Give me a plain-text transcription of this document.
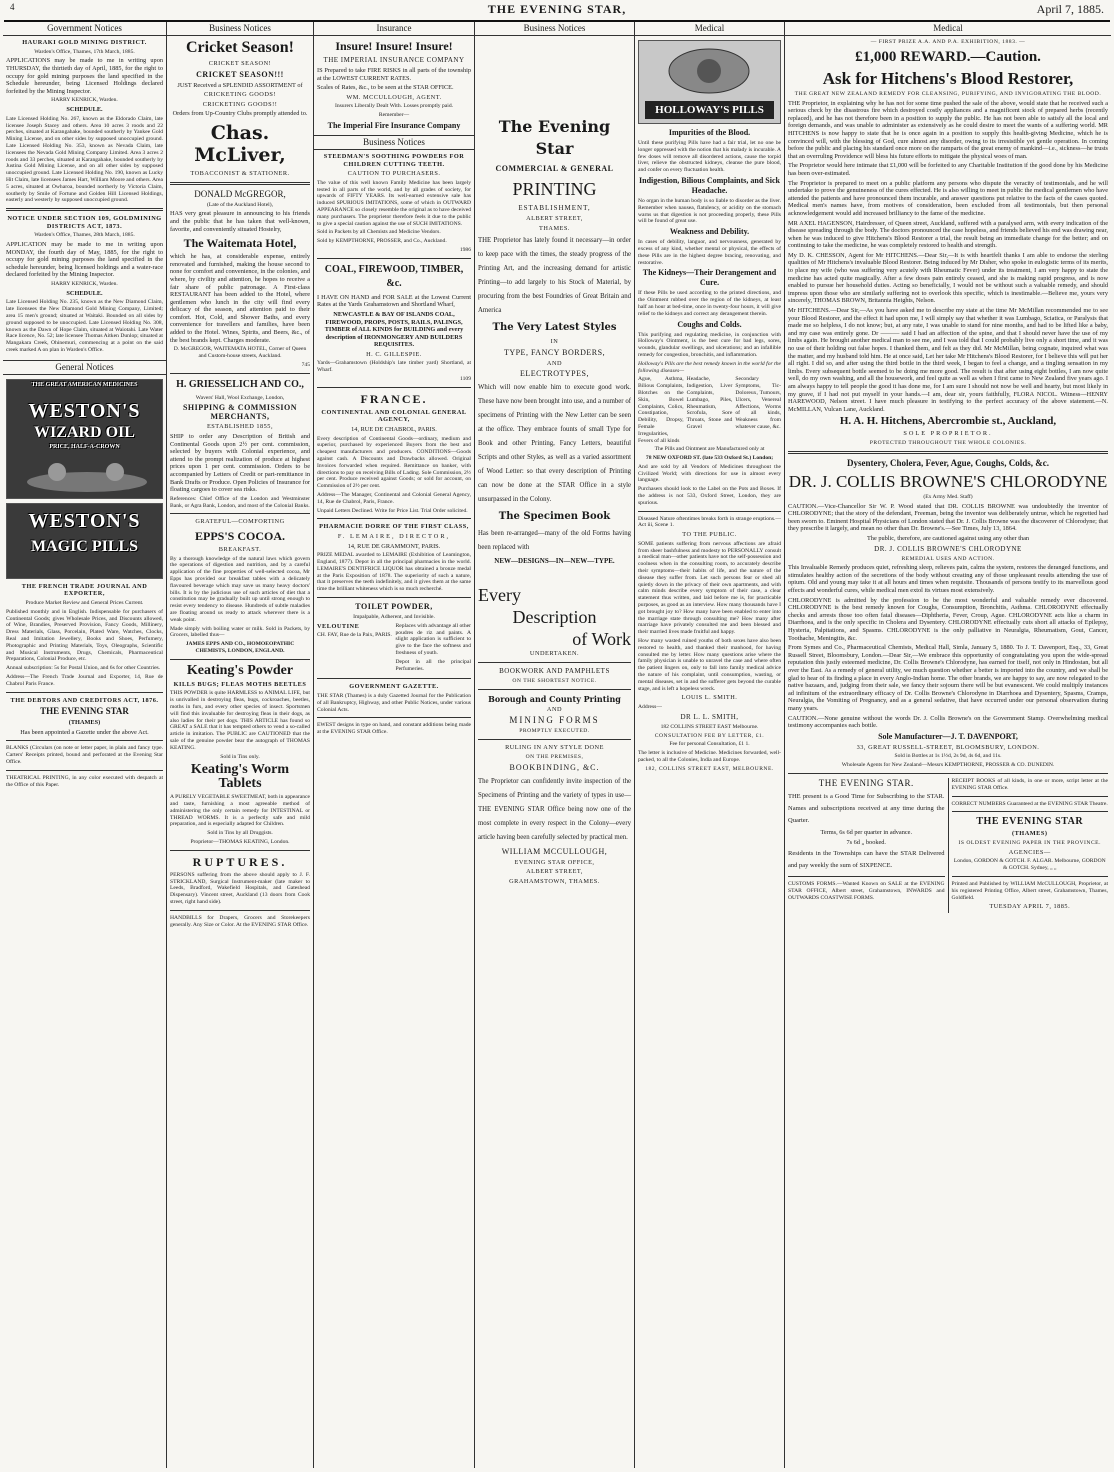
4	THE EVENING STAR,	April 7, 1885.
Government Notices

HAURAKI GOLD MINING DISTRICT.

Warden's Office, Thames, 17th March, 1885.

APPLICATIONS may be made to me in writing upon THURSDAY, the thirtieth day of April, 1885, for the right to occupy for gold mining purposes the land specified in the Schedule hereunder, being Licensed Holdings declared forfeited by the Mining Inspector.

HARRY KENRICK, Warden.

SCHEDULE.

Late Licensed Holding No. 267, known as the Eldorado Claim, late licensee Joseph Stacey and others. Area 10 acres 3 roods and 22 perches, situated at Karangahake, bounded southerly by Yankee Gold Mining License, and on other sides by supposed unoccupied ground. Late Licensed Holding No. 353, known as Nevada Claim, late licensees the Nevada Gold Mining Company Limited. Area 3 acres 2 roods and 33 perches, situated at Karangahake, bounded southerly by Justina Gold Mining License, and on all other sides by supposed unoccupied ground. Late Licensed Holding No. 190, known as Lucky Hit Claim, late licensees James Hart, William Moore and others. Area 5 acres, situated at Owharoa, bounded northerly by Victoria Claim, southerly by Smile of Fortune and Golden Hill Licensed Holdings, easterly and westerly by supposed unoccupied ground.

NOTICE UNDER SECTION 109, GOLDMINING DISTRICTS ACT, 1873.

Warden's Office, Thames, 28th March, 1885.

APPLICATION may be made to me in writing upon MONDAY, the fourth day of May, 1885, for the right to occupy for gold mining purposes the land specified in the schedule hereunder, being licensed holdings and a water-race declared forfeited by the Mining Inspector.

HARRY KENRICK, Warden.

SCHEDULE.

Late Licensed Holding No. 235, known as the New Diamond Claim, late licensees the New Diamond Gold Mining Company, Limited; area 15 men's ground; situated at Waitaki. Bounded on all sides by ground supposed to be unoccupied. Late Licensed Holding No. 308, known as the Dawn of Hope Claim, situated at Waiotahi. Late Water Race licence, No. 52; late licensee Thomas Aitken Dunlop; situated at Mangakara Creek, Ohinemuri, commencing at a point on the said creek marked A on plan in Warden's Office.

General Notices
THE GREAT AMERICAN MEDICINES
WESTON'S
WIZARD OIL
PRICE, HALF-A-CROWN
WESTON'S
MAGIC PILLS

THE FRENCH TRADE JOURNAL AND EXPORTER,

Produce Market Review and General Prices Current.

Published monthly and in English. Indispensable for purchasers of Continental Goods; gives Wholesale Prices, and Discounts allowed, of Wine, Brandies, Preserved Provision, Fancy Goods, Millinery, Dress Materials, Glass, Porcelain, Plated Ware, Watches, Clocks, Real and Imitation Jewellery, Books and Shoes, Perfumery, Photographic and Printing Materials, Toys, Oleographs, Scientific and Musical Instruments, Drugs, Chemicals, Pharmaceutical Preparations, Colonial Produce, etc.

Annual subscription: 5s for Postal Union, and 6s for other Countries.

Address—The French Trade Journal and Exporter, 14, Rue de Chabrol Paris France.

THE DEBTORS AND CREDITORS ACT, 1876.

THE EVENING STAR

(THAMES)

Has been appointed a Gazette under the above Act.

BLANKS (Circulars (on note or letter paper, in plain and fancy type. Carters' Receipts printed, bound and perforated at the Evening Star Office.

THEATRICAL PRINTING, in any color executed with despatch at the Office of this Paper.

Business Notices
Cricket Season!

CRICKET SEASON!

CRICKET SEASON!!!

JUST Received a SPLENDID ASSORTMENT of

CRICKETING GOODS!

CRICKETING GOODS!!

Orders from Up-Country Clubs promptly attended to.

Chas. McLiver,

TOBACCONIST & STATIONER.

DONALD McGREGOR,

(Late of the Auckland Hotel),

HAS very great pleasure in announcing to his friends and the public that he has taken that well-known, favorite, and conveniently situated Hostelry,

The Waitemata Hotel,

which he has, at considerable expense, entirely renovated and furnished, making the house second to none for comfort and convenience, in the colonies, and where, by civility and attention, he hopes to receive a fair share of public patronage. A First-class RESTAURANT has been added to the Hotel, where gentlemen who lunch in the city will find every delicacy of the season, and attention paid to their comfort. Hot, Cold, and Shower Baths, and every convenience for travellers and families, have been added to the Hotel. Wines, Spirits, and Beers, &c., of the best brands kept. Charges moderate.

D. McGREGOR, WAITEMATA HOTEL, Corner of Queen and Custom-house streets, Auckland.

745

H. GRIESSELICH AND CO.,

Wavers' Hall, Wool Exchange, London,

SHIPPING & COMMISSION MERCHANTS,

ESTABLISHED 1855,

SHIP to order any Description of British and Continental Goods upon 2½ per cent. commission, selected by buyers with Colonial experience, and attend to the prompt realization of produce at highest prices upon 1 per cent. commission. Orders to be accompanied by Letters of Credit or part-remittance in Bank Drafts or Produce. Open Policies of Insurance for floating cargoes to cover sea risks.

References: Chief Office of the London and Westminster Bank, or Agra Bank, London, and most of the Colonial Banks.

GRATEFUL—COMFORTING

EPPS'S COCOA.

BREAKFAST.

By a thorough knowledge of the natural laws which govern the operations of digestion and nutrition, and by a careful application of the fine properties of well-selected cocoa, Mr Epps has provided our breakfast tables with a delicately flavoured beverage which may save us many heavy doctors' bills. It is by the judicious use of such articles of diet that a constitution may be gradually built up until strong enough to resist every tendency to disease. Hundreds of subtle maladies are floating around us ready to attack wherever there is a weak point.

Made simply with boiling water or milk. Sold in Packets, by Grocers, labelled thus—

JAMES EPPS AND CO., HOMOEOPATHIC CHEMISTS, LONDON, ENGLAND.

Keating's Powder

KILLS BUGS; FLEAS MOTHS BEETLES

THIS POWDER is quite HARMLESS to ANIMAL LIFE, but is unrivalled in destroying fleas, bugs, cockroaches, beetles, moths in furs, and every other species of insect. Sportsmen will find this invaluable for destroying fleas in their dogs, as also ladies for their pet dogs. THIS ARTICLE has found so GREAT a SALE that it has tempted others to vend a so-called article in imitation. The PUBLIC are CAUTIONED that the sale of the genuine powder bear the autograph of THOMAS KEATING.

Sold in Tins only.

Keating's Worm Tablets

A PURELY VEGETABLE SWEETMEAT, both in appearance and taste, furnishing a most agreeable method of administering the only certain remedy for INTESTINAL or THREAD WORMS. It is a perfectly safe and mild preparation, and is especially adapted for Children.

Sold in Tins by all Druggists.

Proprietor—THOMAS KEATING, London.

RUPTURES.

PERSONS suffering from the above should apply to J. F. STRICKLAND, Surgical Instrument-maker (late maker to Leeds, Bradford, Wakefield Hospitals, and Gateshead Dispensary). Vincent street, Auckland (13 doors from Cook street, right hand side).

HANDBILLS for Drapers, Grocers and Storekeepers generally. Any Size or Color. At the EVENING STAR Office.

Insurance
Insure! Insure! Insure!

THE IMPERIAL INSURANCE COMPANY

IS Prepared to take FIRE RISKS in all parts of the township at the LOWEST CURRENT RATES.

Scales of Rates, &c., to be seen at the STAR OFFICE.

WM. MCCULLOUGH, AGENT.

Insurers Liberally Dealt With. Losses promptly paid.

Remember—

The Imperial Fire Insurance Company

Business Notices

STEEDMAN'S SOOTHING POWDERS FOR CHILDREN CUTTING TEETH.

CAUTION TO PURCHASERS.

The value of this well known Family Medicine has been largely tested in all parts of the world, and by all grades of society, for upwards of FIFTY YEARS. Its well-earned extensive sale has induced SPURIOUS IMITATIONS, some of which in OUTWARD APPEARANCE so closely resemble the original as to have deceived many purchasers. The proprietor therefore feels it due to the public to give a special caution against the use of SUCH IMITATIONS.

Sold in Packets by all Chemists and Medicine Vendors.

Sold by KEMPTHORNE, PROSSER, and Co., Auckland.

1986

COAL, FIREWOOD, TIMBER, &c.

I HAVE ON HAND and FOR SALE at the Lowest Current Rates at the Yards Grahamstown and Shortland Wharf,

NEWCASTLE & BAY OF ISLANDS COAL, FIREWOOD, PROPS, POSTS, RAILS, PALINGS, TIMBER of ALL KINDS for BUILDING and every description of IRONMONGERY AND BUILDERS REQUISITES.

H. C. GILLESPIE.

Yards—Grahamstown (Holdship's late timber yard) Shortland, at Wharf.

1109

FRANCE.

CONTINENTAL AND COLONIAL GENERAL AGENCY,

14, RUE DE CHABROL, PARIS.

Every description of Continental Goods—ordinary, medium and superior, purchased by experienced Buyers from the best and cheapest manufacturers and producers. CONDITIONS—Goods against cash. A Discounts and Drawbacks allowed. Original Invoices forwarded when required. Remittance on banker, with directions to pay on receiving Bills of Lading. Sole Commission, 2½ per cent. Produce received against Goods; or sold for account, on Commission of 2½ per cent.

Address—The Manager, Continental and Colonial General Agency, 14, Rue de Chabrol, Paris, France.

Unpaid Letters Declined. Write for Price List. Trial Order solicited.

PHARMACIE DORRE OF THE FIRST CLASS,

F. LEMAIRE, DIRECTOR,

14, RUE DE GRAMMONT, PARIS.

PRIZE MEDAL awarded to LEMAIRE (Exhibition of Leamington, England, 1877). Depot in all the principal pharmacies in the world. LEMAIRE'S DENTIFRICE LIQUOR has obtained a bronze medal at the Paris Exposition of 1878. The superiority of such a nature, that it preserves the teeth indefinitely, and it gives them at the same time the brilliant whiteness which is so much recherché.

TOILET POWDER,

Impalpable, Adherent, and Invisible.

VELOUTINE

CH. FAY, Rue de la Paix, PARIS.

Replaces with advantage all other poudres de riz and paints. A slight application is sufficient to give to the face the softness and freshness of youth.

Depot in all the principal Perfumeries.

GOVERNMENT GAZETTE.

THE STAR (Thames) is a duly Gazetted Journal for the Publication of all Bankruptcy, Highway, and other Public Notices, under various Colonial Acts.

EWEST designs in type on hand, and constant additions being made at the EVENING STAR Office.

Business Notices
The Evening Star

COMMERCIAL & GENERAL

PRINTING

ESTABLISHMENT,

ALBERT STREET,

THAMES.

THE Proprietor has lately found it necessary—in order to keep pace with the times, the steady progress of the Printing Art, and the increasing demand for artistic Printing—to add largely to his Stock of Material, by procuring from the best Foundries of Great Britain and America

The Very Latest Styles

IN

TYPE, FANCY BORDERS,

AND

ELECTROTYPES,

Which will now enable him to execute good work. These have now been brought into use, and a number of specimens of Printing with the New Letter can be seen at the office. They embrace founts of small Type for Book and other Printing, Fancy Letters, beautiful Scripts and other Styles, as well as a varied assortment of Wood Letter: so that every description of Printing can now be done at the STAR Office in a style unsurpassed in the Colony.

The Specimen Book

Has been re-arranged—many of the old Forms having been replaced with

NEW—DESIGNS—IN—NEW—TYPE.

Every
Description
of Work

UNDERTAKEN.

BOOKWORK AND PAMPHLETS

ON THE SHORTEST NOTICE.

Borough and County Printing

AND

MINING FORMS

PROMPTLY EXECUTED.

RULING IN ANY STYLE DONE

ON THE PREMISES,

BOOKBINDING, &C.

The Proprietor can confidently invite inspection of the Specimens of Printing and the variety of types in use—THE EVENING STAR Office being now one of the most complete in every respect in the Colony—every article having been carefully selected by practical men.

WILLIAM MCCULLOUGH,

EVENING STAR OFFICE,

ALBERT STREET,

GRAHAMSTOWN, THAMES.

Medical
HOLLOWAY'S PILLS

Impurities of the Blood.

Until these purifying Pills have had a fair trial, let no one be longer oppressed with the notion that his malady is incurable. A few doses will remove all disordered actions, cause the torpid liver, relieve the obstructed kidneys, cleanse the pure blood, and confer on every fluctuation health.

Indigestion, Bilious Complaints, and Sick Headache.

No organ in the human body is so liable to disorder as the liver. Remember when nausea, flatulency, or acidity on the stomach warns us that digestion is not proceeding properly, these Pills will be found of great use.

Weakness and Debility.

In cases of debility, languor, and nervousness, generated by excess of any kind, whether mental or physical, the effects of these Pills are in the highest degree bracing, renovating, and restorative.

The Kidneys—Their Derangement and Cure.

If these Pills be used according to the printed directions, and the Ointment rubbed over the region of the kidneys, at least half an hour at bed-time, once in twenty-four hours, it will give relief to the kidneys and correct any derangement therein.

Coughs and Colds.

This purifying and regulating medicine, in conjunction with Holloway's Ointment, is the best cure for bad legs, sores, wounds, glandular swellings, and ulcerations; and an infallible remedy for congestion, bronchitis, and inflammation.

Holloway's Pills are the best remedy known in the world for the following diseases—

Ague, Asthma, Bilious Complaints, Blotches on the Skin, Bowel Complaints, Colics, Constipation, Debility, Dropsy, Female Irregularities, Fevers of all kinds

Headache, Indigestion, Liver Complaints, Lumbago, Piles, Rheumatism, Scrofula, Sore Throats, Stone and Gravel

Secondary Symptoms, Tic-Doloreux, Tumours, Ulcers, Venereal Affections, Worms of all kinds, Weakness from whatever cause, &c.

The Pills and Ointment are Manufactured only at

78 NEW OXFORD ST. (late 533 Oxford St.) London;

And are sold by all Vendors of Medicines throughout the Civilized World; with directions for use in almost every language.

Purchasers should look to the Label on the Pots and Boxes. If the address is not 533, Oxford Street, London, they are spurious.

Diseased Nature oftentimes breaks forth in strange eruptions.—Act iii, Scene 1.

TO THE PUBLIC.

SOME patients suffering from nervous affections are afraid from sheer bashfulness and modesty to PERSONALLY consult a medical man—other patients have not the self-possession and coolness when in the consulting room, to accurately describe their symptoms—their habits of life, and the nature of the disease they suffer from. Let such persons fear or shed all quietly down in the privacy of their own apartments, and with calm minds describe every symptom of their case, a clear statement thus written, and laid before me is, for practicable purposes, as good as an interview. How many thousands have I got brought joy to? How many have been enabled to enter into the marriage state through consulting me? How many after marriage have privately consulted me and been blessed and their married lives made fruitful and happy.

How many wasted ruined youths of both sexes have also been restored to health, and thanked their manhood, for having consulted me by letter. How many questions arise where the family physician is unable to unravel the case and where often the patient lingers on, only to fall into family medical advice the nature of his complaint, until consumption, wasting, or mental diseases, set in and the sufferer gets beyond the curable stage, and is left a hopeless wreck.

LOUIS L. SMITH.

Address—

DR L. L. SMITH,

182 COLLINS STREET EAST Melbourne.

CONSULTATION FEE BY LETTER, £1.

Fee for personal Consultation, £1 1.

The letter is inclusive of Medicine. Medicines forwarded, well-packed, to all the Colonies, India and Europe.

182, COLLINS STREET EAST, MELBOURNE.

Medical

— FIRST PRIZE A.A. AND P.A. EXHIBITION, 1883. —

£1,000 REWARD.—Caution.
Ask for Hitchens's Blood Restorer,

THE GREAT NEW ZEALAND REMEDY FOR CLEANSING, PURIFYING, AND INVIGORATING THE BLOOD.

THE Proprietor, in explaining why he has not for some time pushed the sale of the above, would state that he received such a serious check by the disastrous fire which destroyed costly appliances and a magnificent stock of prepared herbs (recently replaced), and he has not therefore been in a position to supply the public. He has not been able to satisfy all the local and foreign demands, and was unable to administer as extensively as he could desire to meet the wants of a suffering world. MR HITCHENS is now happy to state that he is once again in a position to supply this health-giving Medicine, which he is convinced will, with the blessing of God, cure almost any disorder, owing to its irresistible yet gentle operation. In coming before the public and placing his standard once more on the ramparts of the great enemy of mankind—i.e., sickness—he trusts that an overruling Providence will bless his future efforts to mitigate the physical woes of man.

The Proprietor would here intimate that £1,000 will be forfeited to any Charitable Institution if the good done by his Medicine has been over-estimated.

The Proprietor is prepared to meet on a public platform any persons who dispute the veracity of testimonials, and he will undertake to prove the genuineness of the cures effected. He is also willing to meet in public the medical gentlemen who have attended the patients and have pronounced them incurable, and answer questions put relative to the facts of the cases quoted. Medical men's names have, from motives of consideration, been excluded from all testimonials, but then personal acknowledgement would add increased brilliancy to the fame of the medicine.

MR AXEL HAGENSON, Hairdresser, of Queen street, Auckland, suffered with a paralysed arm, with every indication of the disease spreading through the body. The doctors pronounced the case hopeless, and friends believed his end was drawing near, when he was induced to give Hitchens's Blood Restorer a trial, the result being an immediate change for the better; and on continuing to take the medicine, he was completely restored to health and strength.

My D. K. CHESSON, Agent for Mr HITCHENS.—Dear Sir,—It is with heartfelt thanks I am able to endorse the sterling qualities of Mr Hitchens's invaluable Blood Restorer. Being induced by Mr Disher, who spoke in eulogistic terms of its merits, to place my wife (who was suffering very acutely with Rheumatic Fever) under its treatment, I am very happy to state the medicine has acted quite magically. After a few doses pain entirely ceased, and she is making rapid progress, and is now enabled to pursue her household duties. Acting so beneficially, I would not be without such a valuable remedy, and should impress upon those who are similarly suffering not to overlook this specific, which is inestimable.—Believe me, yours very sincerely, THOMAS BROWN, Britannia Heights, Nelson.

Mr HITCHENS.—Dear Sir,—As you have asked me to describe my state at the time Mr McMillan recommended me to see your Blood Restorer, and the effect it had upon me, I will simply say that whether it was Lumbago, Sciatica, or Paralysis that made me so helpless, I do not know; but, at any rate, I was unable to stand for nine months, and had to be lifted like a baby, and my case was entirely gone. Dr ——— said I had an affection of the spine, and that I should never have the use of my limbs again. He brought another medical man to see me, and I was told that I could probably live only a short time, and it was no use of their holding out false hopes. I thanked them, and felt as they did. Mr McMillan, being cognate, inquired what was the matter, and my husband told him. He at once said, Let her take Mr Hitchens's Blood Restorer, for I believe this will put her all right. I did so, and after using the third bottle in the third week, I began to feel a change, and a tingling sensation in my limbs. Every subsequent bottle seemed to be doing me more good. The result is that after using eight bottles, I am now quite well, do my own washing, and all the housework, and feel quite as well as when I first came to New Zealand five years ago. I am always happy to tell people the good it has done me, for I am sure I should not now be well and hearty, but most likely in my grave, if I had not put myself in your hands.—I am, dear sir, yours faithfully, FLORA NICOL. Witness—HENRY HAREWOOD, Nelson street. I have much pleasure in testifying to the perfect accuracy of the above statement.—N. McMILLAN, Vulcan Lane, Auckland.

H. A. H. Hitchens, Abercrombie st., Auckland,

SOLE PROPRIETOR.

PROTECTED THROUGHOUT THE WHOLE COLONIES.

Dysentery, Cholera, Fever, Ague, Coughs, Colds, &c.

DR. J. COLLIS BROWNE'S CHLORODYNE

(Ex Army Med. Staff)

CAUTION.—Vice-Chancellor Sir W. P. Wood stated that DR. COLLIS BROWNE was undoubtedly the inventor of CHLORODYNE; that the story of the defendant, Freeman, being the inventor was deliberately untrue, which he regretted had been sworn to. Eminent Hospital Physicians of London stated that Dr. J. Collis Browne was the discoverer of Chlorodyne; that they prescribe it largely, and mean no other than Dr. Browne's.—See Times, July 13, 1864.

The public, therefore, are cautioned against using any other than

DR. J. COLLIS BROWNE'S CHLORODYNE

REMEDIAL USES AND ACTION.

This Invaluable Remedy produces quiet, refreshing sleep, relieves pain, calms the system, restores the deranged functions, and stimulates healthy action of the secretions of the body without creating any of those unpleasant results attending the use of opium. Old and young may take it at all hours and times when requisite. Thousands of persons testify to its marvellous good effects and wonderful cures, while medical men extol its virtues most extensively.

CHLORODYNE is admitted by the profession to be the most wonderful and valuable remedy ever discovered. CHLORODYNE is the best remedy known for Coughs, Consumption, Bronchitis, Asthma. CHLORODYNE effectually checks and arrests those too often fatal diseases—Diphtheria, Fever, Croup, Ague. CHLORODYNE acts like a charm in Diarrhoea, and is the only specific in Cholera and Dysentery. CHLORODYNE effectually cuts short all attacks of Epilepsy, Hysteria, Palpitations, and Spasms. CHLORODYNE is the only palliative in Neuralgia, Rheumatism, Gout, Cancer, Toothache, Meningitis, &c.

From Symes and Co., Pharmaceutical Chemists, Medical Hall, Simla, January 5, 1880. To J. T. Davenport, Esq., 33, Great Russell Street, Bloomsbury, London.—Dear Sir,—We embrace this opportunity of congratulating you upon the wide-spread reputation this justly esteemed medicine, Dr. Collis Browne's Chlorodyne, has earned for itself, not only in Hindostan, but all over the East. As a remedy of general utility, we much question whether a better is imported into the country, and we shall be glad to hear of its finding a place in every Anglo-Indian home. The other brands, we are happy to say, are now relegated to the native bazaars, and, judging from their sale, we fancy their sojourn there will be but evanescent. We could multiply instances ad infinitum of the extraordinary efficacy of Dr. Collis Browne's Chlorodyne in Diarrhoea and Dysentery, Spasms, Cramps, Neuralgia, the Vomiting of Pregnancy, and as a general sedative, that have occurred under our personal observation during many years.

CAUTION.—None genuine without the words Dr. J. Collis Browne's on the Government Stamp. Overwhelming medical testimony accompanies each bottle.

Sole Manufacturer—J. T. DAVENPORT,

33, GREAT RUSSELL-STREET, BLOOMSBURY, LONDON.

Sold in Bottles at 1s 1½d, 2s 9d, 4s 6d, and 11s.

Wholesale Agents for New Zealand—Messrs KEMPTHORNE, PROSSER & CO. DUNEDIN.

THE EVENING STAR.

THE present is a Good Time for Subscribing to the STAR. Names and subscriptions received at any time during the Quarter.

Terms, 6s 6d per quarter in advance.

7s 6d „ booked.

Residents in the Townships can have the STAR Delivered and pay weekly the sum of SIXPENCE.

CUSTOMS FORMS.—Wanted Known on SALE at the EVENING STAR OFFICE, Albert street, Grahamstown, INWARDS and OUTWARDS COASTWISE FORMS.

RECEIPT BOOKS of all kinds, in one or more, script letter at the EVENING STAR Office.

CORRECT NUMBERS Guaranteed at the EVENING STAR Theatre.

THE EVENING STAR

(THAMES)

IS OLDEST EVENING PAPER IN THE PROVINCE.

AGENCIES—

London, GORDON & GOTCH. F. ALGAR. Melbourne, GORDON & GOTCH. Sydney, „ „

Printed and Published by WILLIAM McCULLOUGH, Proprietor, at his registered Printing Office, Albert street, Grahamstown, Thames, Goldfield.

TUESDAY APRIL 7, 1885.
